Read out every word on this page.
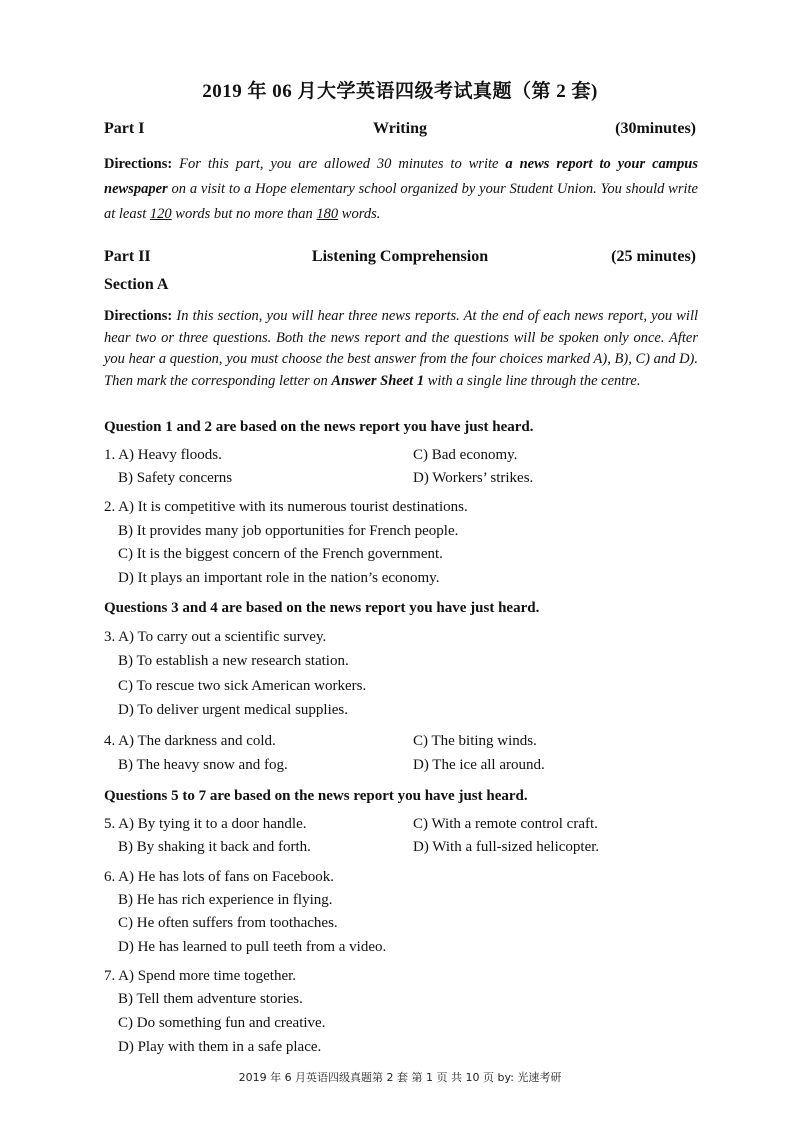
2019 年 06 月大学英语四级考试真题（第 2 套)
Part I	Writing	(30minutes)
Directions: For this part, you are allowed 30 minutes to write a news report to your campus newspaper on a visit to a Hope elementary school organized by your Student Union. You should write at least 120 words but no more than 180 words.
Part II	Listening Comprehension	(25 minutes)
Section A
Directions: In this section, you will hear three news reports. At the end of each news report, you will hear two or three questions. Both the news report and the questions will be spoken only once. After you hear a question, you must choose the best answer from the four choices marked A), B), C) and D). Then mark the corresponding letter on Answer Sheet 1 with a single line through the centre.
Question 1 and 2 are based on the news report you have just heard.
1. A) Heavy floods.	C) Bad economy.
B) Safety concerns	D) Workers’ strikes.
2. A) It is competitive with its numerous tourist destinations.
B) It provides many job opportunities for French people.
C) It is the biggest concern of the French government.
D) It plays an important role in the nation’s economy.
Questions 3 and 4 are based on the news report you have just heard.
3. A) To carry out a scientific survey.
B) To establish a new research station.
C) To rescue two sick American workers.
D) To deliver urgent medical supplies.
4. A) The darkness and cold.	C) The biting winds.
B) The heavy snow and fog.	D) The ice all around.
Questions 5 to 7 are based on the news report you have just heard.
5. A) By tying it to a door handle.	C) With a remote control craft.
B) By shaking it back and forth.	D) With a full-sized helicopter.
6. A) He has lots of fans on Facebook.
B) He has rich experience in flying.
C) He often suffers from toothaches.
D) He has learned to pull teeth from a video.
7. A) Spend more time together.
B) Tell them adventure stories.
C) Do something fun and creative.
D) Play with them in a safe place.
2019 年 6 月英语四级真题第 2 套 第 1 页 共 10 页 by: 光速考研
